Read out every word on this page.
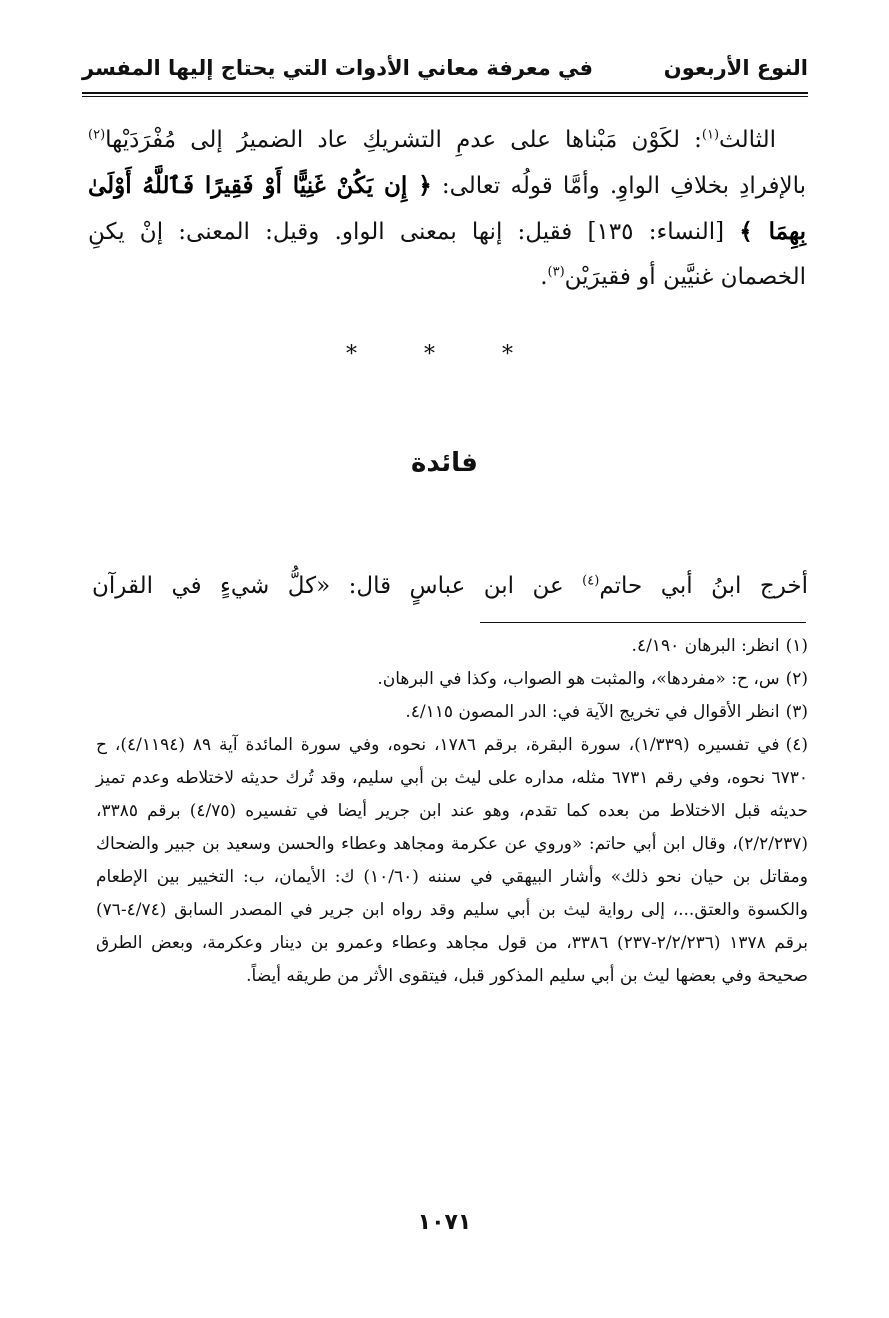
النوع الأربعون
في معرفة معاني الأدوات التي يحتاج إليها المفسر

الثالث$^{(١)}$: لكَوْن مَبْناها على عدمِ التشريكِ عاد الضميرُ إلى مُفْرَدَيْها$^{(٢)}$ بالإفرادِ بخلافِ الواوِ. وأمَّا قولُه تعالى: ﴿ إِن يَكُنْ غَنِيًّا أَوْ فَقِيرًا فَٱللَّهُ أَوْلَىٰ بِهِمَا ﴾ [النساء: ١٣٥] فقيل: إنها بمعنى الواو. وقيل: المعنى: إنْ يكنِ الخصمان غنيَّين أو فقيرَيْن$^{(٣)}$.

* * *
فائدة
أخرج ابنُ أبي حاتم$^{(٤)}$ عن ابن عباسٍ قال: «كلُّ شيءٍ في القرآن

(١)انظر: البرهان ٤/١٩٠.

(٢)س، ح: «مفردها»، والمثبت هو الصواب، وكذا في البرهان.

(٣)انظر الأقوال في تخريج الآية في: الدر المصون ٤/١١٥.

(٤)في تفسيره (١/٣٣٩)، سورة البقرة، برقم ١٧٨٦، نحوه، وفي سورة المائدة آية ٨٩ (٤/١١٩٤)، ح ٦٧٣٠ نحوه، وفي رقم ٦٧٣١ مثله، مداره على ليث بن أبي سليم، وقد تُرك حديثه لاختلاطه وعدم تميز حديثه قبل الاختلاط من بعده كما تقدم، وهو عند ابن جرير أيضا في تفسيره (٤/٧٥) برقم ٣٣٨٥، (٢/٢/٢٣٧)، وقال ابن أبي حاتم: «وروي عن عكرمة ومجاهد وعطاء والحسن وسعيد بن جبير والضحاك ومقاتل بن حيان نحو ذلك» وأشار البيهقي في سننه (١٠/٦٠) ك: الأيمان، ب: التخيير بين الإطعام والكسوة والعتق...، إلى رواية ليث بن أبي سليم وقد رواه ابن جرير في المصدر السابق (٤/٧٤-٧٦) برقم ١٣٧٨ (٢/٢/٢٣٦-٢٣٧) ٣٣٨٦، من قول مجاهد وعطاء وعمرو بن دينار وعكرمة، وبعض الطرق صحيحة وفي بعضها ليث بن أبي سليم المذكور قبل، فيتقوى الأثر من طريقه أيضاً.

١٠٧١
